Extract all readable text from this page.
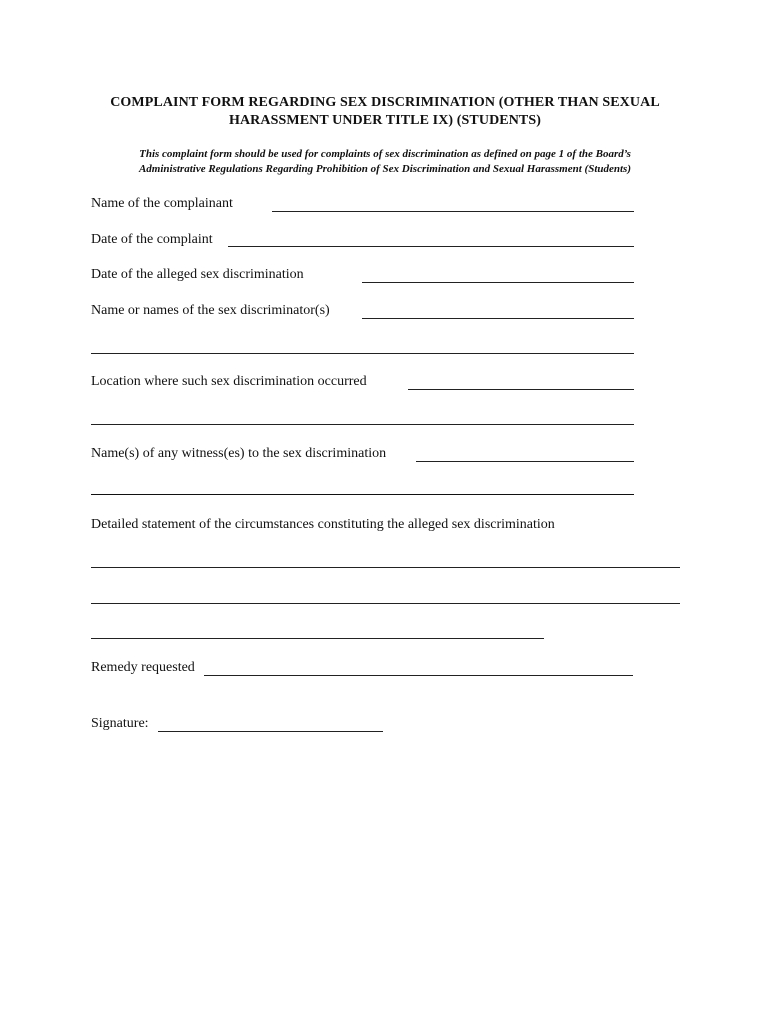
COMPLAINT FORM REGARDING SEX DISCRIMINATION (OTHER THAN SEXUAL
HARASSMENT UNDER TITLE IX) (STUDENTS)
This complaint form should be used for complaints of sex discrimination as defined on page 1 of the Board’s
Administrative Regulations Regarding Prohibition of Sex Discrimination and Sexual Harassment (Students)
Name of the complainant
Date of the complaint
Date of the alleged sex discrimination
Name or names of the sex discriminator(s)
Location where such sex discrimination occurred
Name(s) of any witness(es) to the sex discrimination
Detailed statement of the circumstances constituting the alleged sex discrimination
Remedy requested
Signature:
